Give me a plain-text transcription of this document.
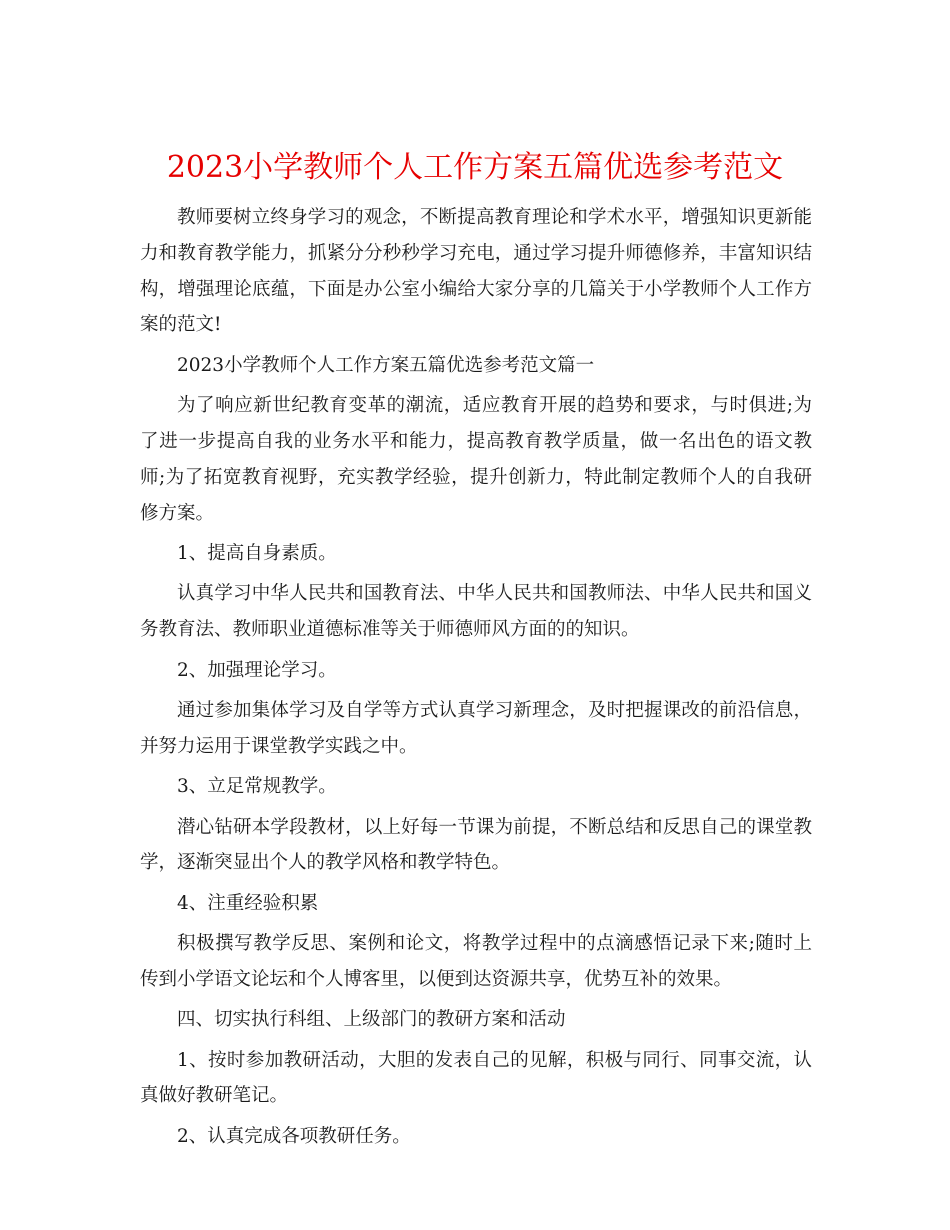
2023小学教师个人工作方案五篇优选参考范文

教师要树立终身学习的观念，不断提高教育理论和学术水平，增强知识更新能力和教育教学能力，抓紧分分秒秒学习充电，通过学习提升师德修养，丰富知识结构，增强理论底蕴，下面是办公室小编给大家分享的几篇关于小学教师个人工作方案的范文!

2023小学教师个人工作方案五篇优选参考范文篇一

为了响应新世纪教育变革的潮流，适应教育开展的趋势和要求，与时俱进;为了进一步提高自我的业务水平和能力，提高教育教学质量，做一名出色的语文教师;为了拓宽教育视野，充实教学经验，提升创新力，特此制定教师个人的自我研修方案。

1、提高自身素质。

认真学习中华人民共和国教育法、中华人民共和国教师法、中华人民共和国义务教育法、教师职业道德标准等关于师德师风方面的的知识。

2、加强理论学习。

通过参加集体学习及自学等方式认真学习新理念，及时把握课改的前沿信息，并努力运用于课堂教学实践之中。

3、立足常规教学。

潜心钻研本学段教材，以上好每一节课为前提，不断总结和反思自己的课堂教学，逐渐突显出个人的教学风格和教学特色。

4、注重经验积累

积极撰写教学反思、案例和论文，将教学过程中的点滴感悟记录下来;随时上传到小学语文论坛和个人博客里，以便到达资源共享，优势互补的效果。

四、切实执行科组、上级部门的教研方案和活动

1、按时参加教研活动，大胆的发表自己的见解，积极与同行、同事交流，认真做好教研笔记。

2、认真完成各项教研任务。
